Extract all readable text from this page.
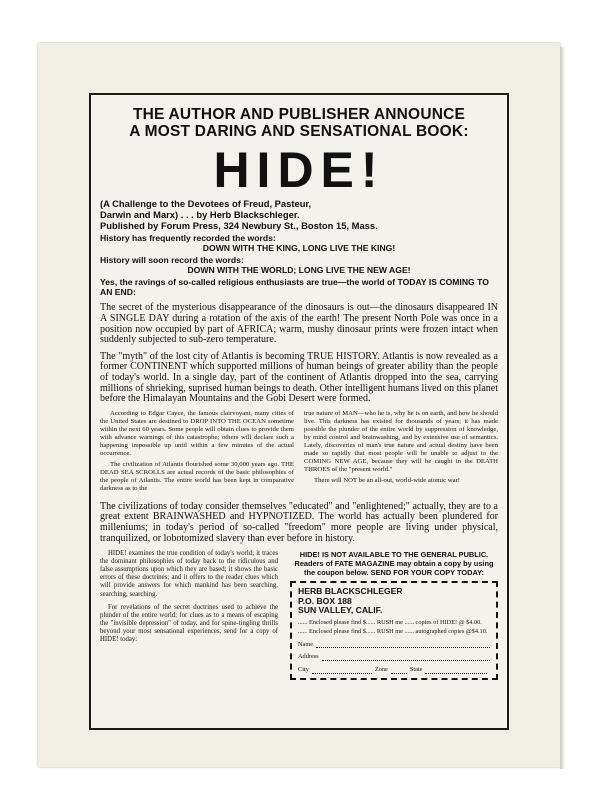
THE AUTHOR AND PUBLISHER ANNOUNCE
A MOST DARING AND SENSATIONAL BOOK:
HIDE!
(A Challenge to the Devotees of Freud, Pasteur,
Darwin and Marx) . . . by Herb Blackschleger.
Published by Forum Press, 324 Newbury St., Boston 15, Mass.
History has frequently recorded the words:
DOWN WITH THE KING, LONG LIVE THE KING!
History will soon record the words:
DOWN WITH THE WORLD; LONG LIVE THE NEW AGE!
Yes, the ravings of so-called religious enthusiasts are true—the world of TODAY IS COMING TO AN END:
The secret of the mysterious disappearance of the dinosaurs is out—the dinosaurs disappeared IN A SINGLE DAY during a rotation of the axis of the earth! The present North Pole was once in a position now occupied by part of AFRICA; warm, mushy dinosaur prints were frozen intact when suddenly subjected to sub-zero temperature.
The "myth" of the lost city of Atlantis is becoming TRUE HISTORY. Atlantis is now revealed as a former CONTINENT which supported millions of human beings of greater ability than the people of today's world. In a single day, part of the continent of Atlantis dropped into the sea, carrying millions of shrieking, suprised human beings to death. Other intelligent humans lived on this planet before the Himalayan Mountains and the Gobi Desert were formed.

According to Edgar Cayce, the famous clairvoyant, many cities of the United States are destined to DROP INTO THE OCEAN sometime within the next 60 years. Some people will obtain clues to provide them with advance warnings of this catastrophe; others will declare such a happening impossible up until within a few minutes of the actual occurrence.

The civilization of Atlantis flourished some 30,000 years ago. THE DEAD SEA SCROLLS are actual records of the basic philosophies of the people of Atlantis. The entire world has been kept in comparative darkness as to the

true nature of MAN—who he is, why he is on earth, and how he should live. This darkness has existed for thousands of years; it has made possible the plunder of the entire world by suppression of knowledge, by mind control and brainwashing, and by extensive use of semantics. Lately, discoveries of man's true nature and actual destiny have been made so rapidly that most people will be unable to adjust to the COMING NEW AGE, because they will be caught in the DEATH THROES of the "present world."

There will NOT be an all-out, world-wide atomic war!

The civilizations of today consider themselves "educated" and "enlightened;" actually, they are to a great extent BRAINWASHED and HYPNOTIZED. The world has actually been plundered for milleniums; in today's period of so-called "freedom" more people are living under physical, tranquilized, or lobotomized slavery than ever before in history.

HIDE! examines the true condition of today's world; it traces the dominant philosophies of today back to the ridiculous and false assumptions upon which they are based; it shows the basic errors of these doctrines; and it offers to the reader clues which will provide answers for which mankind has been searching, searching, searching.

For revelations of the secret doctrines used to achieve the plunder of the entire world; for clues as to a means of escaping the "invisible depression" of today, and for spine-tingling thrills beyond your most sensational experiences, send for a copy of HIDE! today:

HIDE! IS NOT AVAILABLE TO THE GENERAL PUBLIC. Readers of FATE MAGAZINE may obtain a copy by using the coupon below. SEND FOR YOUR COPY TODAY:
HERB BLACKSCHLEGER
P.O. BOX 188
SUN VALLEY, CALIF.
...... Enclosed please find $...... RUSH me ...... copies of HIDE! @ $4.00.
...... Enclosed please find $...... RUSH me ...... autographed copies @$4.10.
Name
Address
City	Zone	State
